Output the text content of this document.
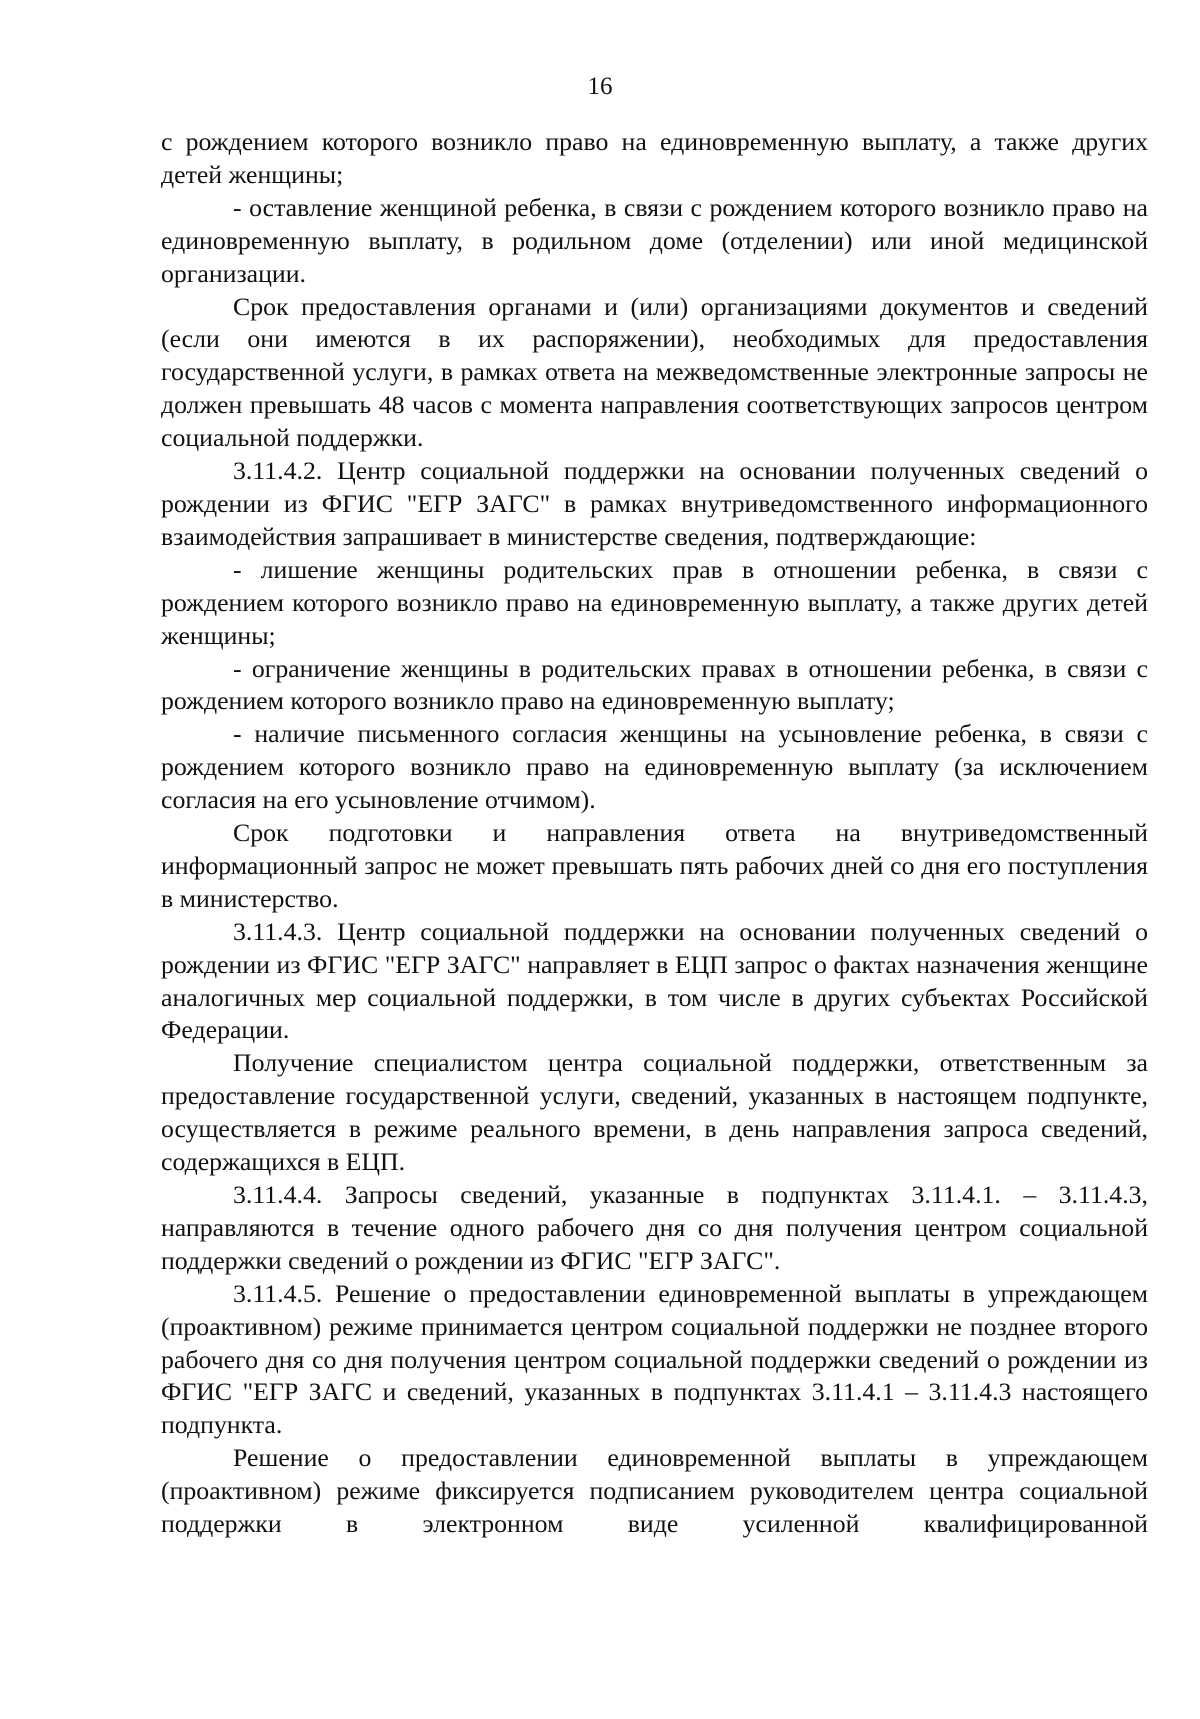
16

с рождением которого возникло право на единовременную выплату, а также других детей женщины;

- оставление женщиной ребенка, в связи с рождением которого возникло право на единовременную выплату, в родильном доме (отделении) или иной медицинской организации.

Срок предоставления органами и (или) организациями документов и сведений (если они имеются в их распоряжении), необходимых для предоставления государственной услуги, в рамках ответа на межведомственные электронные запросы не должен превышать 48 часов с момента направления соответствующих запросов центром социальной поддержки.

3.11.4.2. Центр социальной поддержки на основании полученных сведений о рождении из ФГИС "ЕГР ЗАГС" в рамках внутриведомственного информационного взаимодействия запрашивает в министерстве сведения, подтверждающие:

- лишение женщины родительских прав в отношении ребенка, в связи с рождением которого возникло право на единовременную выплату, а также других детей женщины;

- ограничение женщины в родительских правах в отношении ребенка, в связи с рождением которого возникло право на единовременную выплату;

- наличие письменного согласия женщины на усыновление ребенка, в связи с рождением которого возникло право на единовременную выплату (за исключением согласия на его усыновление отчимом).

Срок подготовки и направления ответа на внутриведомственный информационный запрос не может превышать пять рабочих дней со дня его поступления в министерство.

3.11.4.3. Центр социальной поддержки на основании полученных сведений о рождении из ФГИС "ЕГР ЗАГС" направляет в ЕЦП запрос о фактах назначения женщине аналогичных мер социальной поддержки, в том числе в других субъектах Российской Федерации.

Получение специалистом центра социальной поддержки, ответственным за предоставление государственной услуги, сведений, указанных в настоящем подпункте, осуществляется в режиме реального времени, в день направления запроса сведений, содержащихся в ЕЦП.

3.11.4.4. Запросы сведений, указанные в подпунктах 3.11.4.1. – 3.11.4.3, направляются в течение одного рабочего дня со дня получения центром социальной поддержки сведений о рождении из ФГИС "ЕГР ЗАГС".

3.11.4.5. Решение о предоставлении единовременной выплаты в упреждающем (проактивном) режиме принимается центром социальной поддержки не позднее второго рабочего дня со дня получения центром социальной поддержки сведений о рождении из ФГИС "ЕГР ЗАГС и сведений, указанных в подпунктах 3.11.4.1 – 3.11.4.3 настоящего подпункта.

Решение о предоставлении единовременной выплаты в упреждающем (проактивном) режиме фиксируется подписанием руководителем центра социальной поддержки в электронном виде усиленной квалифицированной
